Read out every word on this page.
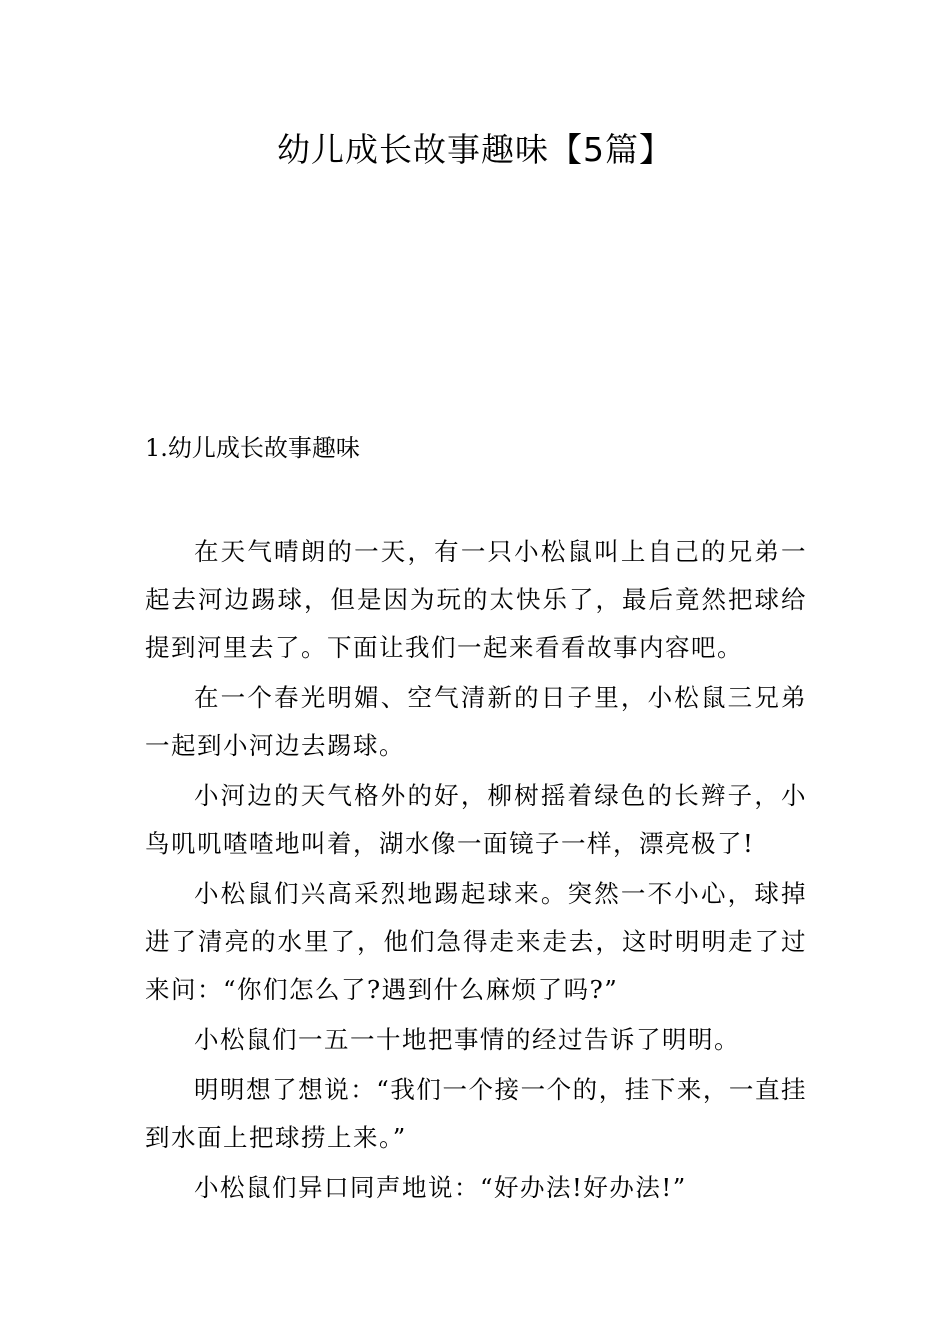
幼儿成长故事趣味【5篇】
1.幼儿成长故事趣味

在天气晴朗的一天，有一只小松鼠叫上自己的兄弟一起去河边踢球，但是因为玩的太快乐了，最后竟然把球给提到河里去了。下面让我们一起来看看故事内容吧。

在一个春光明媚、空气清新的日子里，小松鼠三兄弟一起到小河边去踢球。

小河边的天气格外的好，柳树摇着绿色的长辫子，小鸟叽叽喳喳地叫着，湖水像一面镜子一样，漂亮极了!

小松鼠们兴高采烈地踢起球来。突然一不小心，球掉进了清亮的水里了，他们急得走来走去，这时明明走了过来问：“你们怎么了?遇到什么麻烦了吗?”

小松鼠们一五一十地把事情的经过告诉了明明。

明明想了想说：“我们一个接一个的，挂下来，一直挂到水面上把球捞上来。”

小松鼠们异口同声地说：“好办法!好办法!”
